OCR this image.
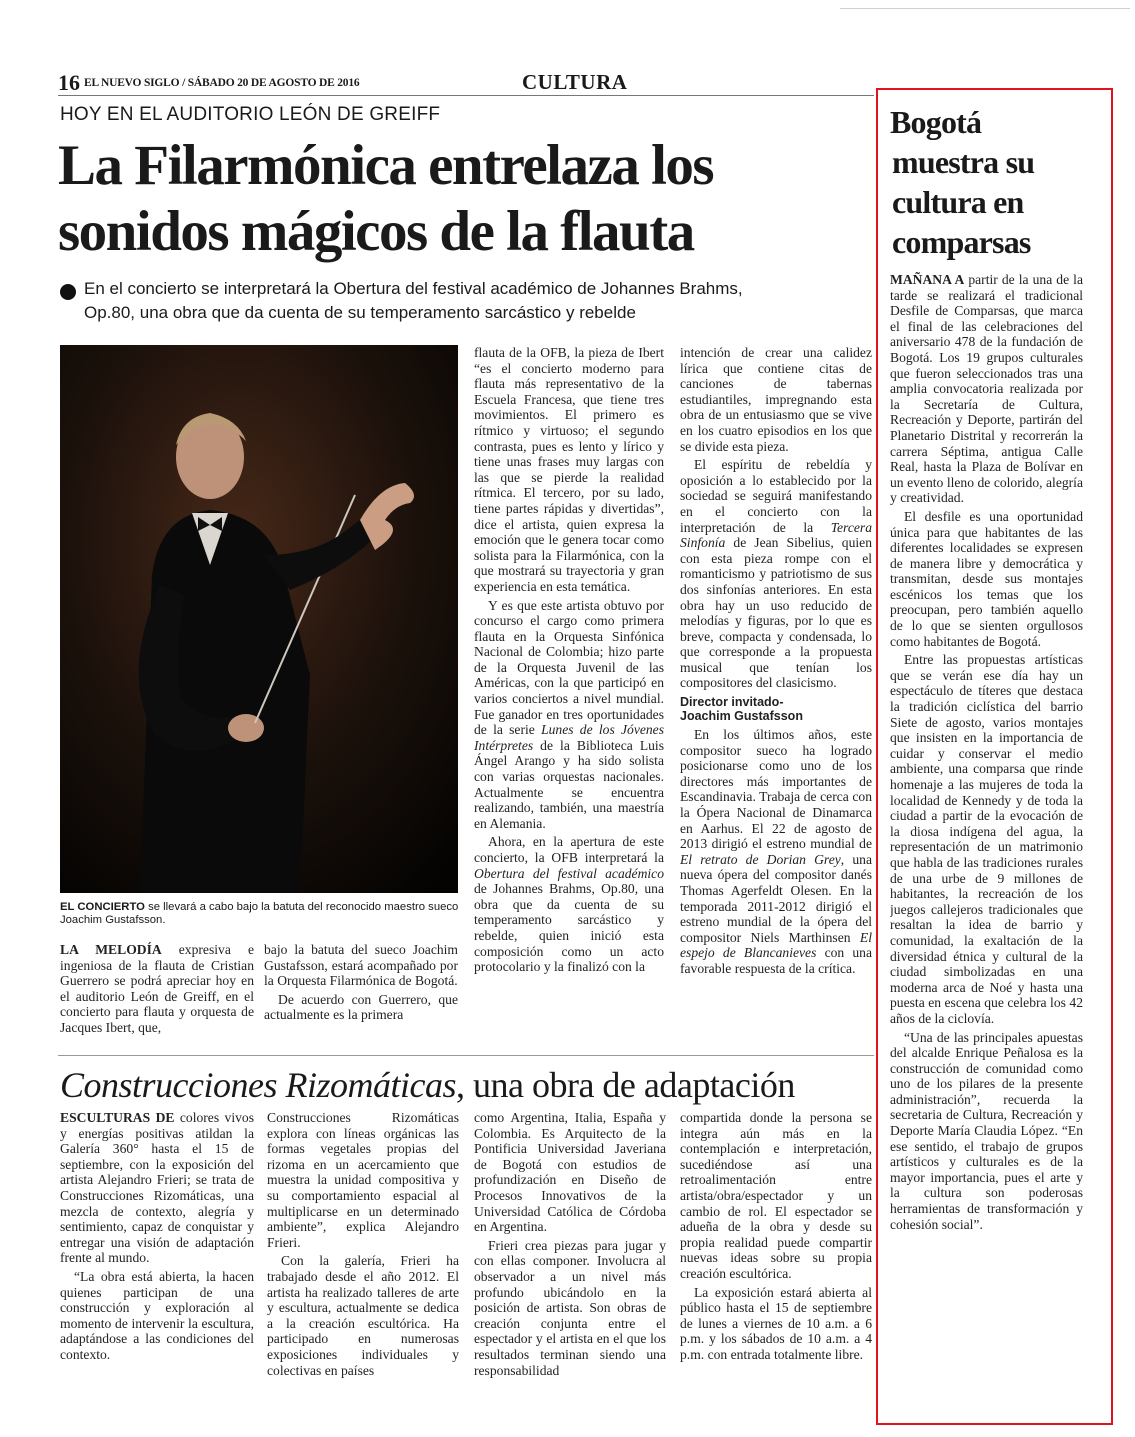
16 EL NUEVO SIGLO / SÁBADO 20 DE AGOSTO DE 2016	CULTURA
HOY EN EL AUDITORIO LEÓN DE GREIFF
La Filarmónica entrelaza los
sonidos mágicos de la flauta
En el concierto se interpretará la Obertura del festival académico de Johannes Brahms,
Op.80, una obra que da cuenta de su temperamento sarcástico y rebelde
EL CONCIERTO se llevará a cabo bajo la batuta del reconocido maestro sueco
Joachim Gustafsson.

LA MELODÍA expresiva e ingeniosa de la flauta de Cristian Guerrero se podrá apreciar hoy en el auditorio León de Greiff, en el concierto para flauta y orquesta de Jacques Ibert, que,

bajo la batuta del sueco Joachim Gustafsson, estará acompañado por la Orquesta Filarmónica de Bogotá.

De acuerdo con Guerrero, que actualmente es la primera

flauta de la OFB, la pieza de Ibert “es el concierto moderno para flauta más representativo de la Escuela Francesa, que tiene tres movimientos. El primero es rítmico y virtuoso; el segundo contrasta, pues es lento y lírico y tiene unas frases muy largas con las que se pierde la realidad rítmica. El tercero, por su lado, tiene partes rápidas y divertidas”, dice el artista, quien expresa la emoción que le genera tocar como solista para la Filarmónica, con la que mostrará su trayectoria y gran experiencia en esta temática.

Y es que este artista obtuvo por concurso el cargo como primera flauta en la Orquesta Sinfónica Nacional de Colombia; hizo parte de la Orquesta Juvenil de las Américas, con la que participó en varios conciertos a nivel mundial. Fue ganador en tres oportunidades de la serie Lunes de los Jóvenes Intérpretes de la Biblioteca Luis Ángel Arango y ha sido solista con varias orquestas nacionales. Actualmente se encuentra realizando, también, una maestría en Alemania.

Ahora, en la apertura de este concierto, la OFB interpretará la Obertura del festival académico de Johannes Brahms, Op.80, una obra que da cuenta de su temperamento sarcástico y rebelde, quien inició esta composición como un acto protocolario y la finalizó con la

intención de crear una calidez lírica que contiene citas de canciones de tabernas estudiantiles, impregnando esta obra de un entusiasmo que se vive en los cuatro episodios en los que se divide esta pieza.

El espíritu de rebeldía y oposición a lo establecido por la sociedad se seguirá manifestando en el concierto con la interpretación de la Tercera Sinfonía de Jean Sibelius, quien con esta pieza rompe con el romanticismo y patriotismo de sus dos sinfonías anteriores. En esta obra hay un uso reducido de melodías y figuras, por lo que es breve, compacta y condensada, lo que corresponde a la propuesta musical que tenían los compositores del clasicismo.

Director invitado-
Joachim Gustafsson

En los últimos años, este compositor sueco ha logrado posicionarse como uno de los directores más importantes de Escandinavia. Trabaja de cerca con la Ópera Nacional de Dinamarca en Aarhus. El 22 de agosto de 2013 dirigió el estreno mundial de El retrato de Dorian Grey, una nueva ópera del compositor danés Thomas Agerfeldt Olesen. En la temporada 2011-2012 dirigió el estreno mundial de la ópera del compositor Niels Marthinsen El espejo de Blancanieves con una favorable respuesta de la crítica.

Construcciones Rizomáticas, una obra de adaptación

ESCULTURAS DE colores vivos y energías positivas atildan la Galería 360° hasta el 15 de septiembre, con la exposición del artista Alejandro Frieri; se trata de Construcciones Rizomáticas, una mezcla de contexto, alegría y sentimiento, capaz de conquistar y entregar una visión de adaptación frente al mundo.

“La obra está abierta, la hacen quienes participan de una construcción y exploración al momento de intervenir la escultura, adaptándose a las condiciones del contexto.

Construcciones Rizomáticas explora con líneas orgánicas las formas vegetales propias del rizoma en un acercamiento que muestra la unidad compositiva y su comportamiento espacial al multiplicarse en un determinado ambiente”, explica Alejandro Frieri.

Con la galería, Frieri ha trabajado desde el año 2012. El artista ha realizado talleres de arte y escultura, actualmente se dedica a la creación escultórica. Ha participado en numerosas exposiciones individuales y colectivas en países

como Argentina, Italia, España y Colombia. Es Arquitecto de la Pontificia Universidad Javeriana de Bogotá con estudios de profundización en Diseño de Procesos Innovativos de la Universidad Católica de Córdoba en Argentina.

Frieri crea piezas para jugar y con ellas componer. Involucra al observador a un nivel más profundo ubicándolo en la posición de artista. Son obras de creación conjunta entre el espectador y el artista en el que los resultados terminan siendo una responsabilidad

compartida donde la persona se integra aún más en la contemplación e interpretación, sucediéndose así una retroalimentación entre artista/obra/espectador y un cambio de rol. El espectador se adueña de la obra y desde su propia realidad puede compartir nuevas ideas sobre su propia creación escultórica.

La exposición estará abierta al público hasta el 15 de septiembre de lunes a viernes de 10 a.m. a 6 p.m. y los sábados de 10 a.m. a 4 p.m. con entrada totalmente libre.

Bogotá
muestra su
cultura en
comparsas

MAÑANA A partir de la una de la tarde se realizará el tradicional Desfile de Comparsas, que marca el final de las celebraciones del aniversario 478 de la fundación de Bogotá. Los 19 grupos culturales que fueron seleccionados tras una amplia convocatoria realizada por la Secretaría de Cultura, Recreación y Deporte, partirán del Planetario Distrital y recorrerán la carrera Séptima, antigua Calle Real, hasta la Plaza de Bolívar en un evento lleno de colorido, alegría y creatividad.

El desfile es una oportunidad única para que habitantes de las diferentes localidades se expresen de manera libre y democrática y transmitan, desde sus montajes escénicos los temas que los preocupan, pero también aquello de lo que se sienten orgullosos como habitantes de Bogotá.

Entre las propuestas artísticas que se verán ese día hay un espectáculo de títeres que destaca la tradición ciclística del barrio Siete de agosto, varios montajes que insisten en la importancia de cuidar y conservar el medio ambiente, una comparsa que rinde homenaje a las mujeres de toda la localidad de Kennedy y de toda la ciudad a partir de la evocación de la diosa indígena del agua, la representación de un matrimonio que habla de las tradiciones rurales de una urbe de 9 millones de habitantes, la recreación de los juegos callejeros tradicionales que resaltan la idea de barrio y comunidad, la exaltación de la diversidad étnica y cultural de la ciudad simbolizadas en una moderna arca de Noé y hasta una puesta en escena que celebra los 42 años de la ciclovía.

“Una de las principales apuestas del alcalde Enrique Peñalosa es la construcción de comunidad como uno de los pilares de la presente administración”, recuerda la secretaria de Cultura, Recreación y Deporte María Claudia López. “En ese sentido, el trabajo de grupos artísticos y culturales es de la mayor importancia, pues el arte y la cultura son poderosas herramientas de transformación y cohesión social”.
